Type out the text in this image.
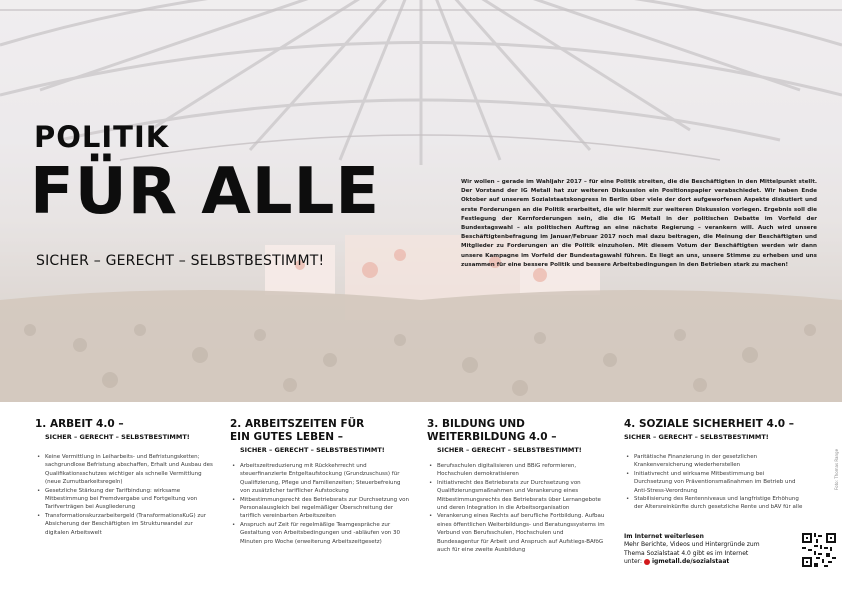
POLITIK
FÜR ALLE
SICHER – GERECHT – SELBSTBESTIMMT!
Wir wollen – gerade im Wahljahr 2017 – für eine Politik streiten, die die Beschäftigten in den Mittelpunkt stellt. Der Vorstand der IG Metall hat zur weiteren Diskussion ein Positionspapier verabschiedet. Wir haben Ende Oktober auf unserem Sozialstaatskongress in Berlin über viele der dort aufgeworfenen Aspekte diskutiert und erste Forderungen an die Politik erarbeitet, die wir hiermit zur weiteren Diskussion vorlegen. Ergebnis soll die Festlegung der Kernforderungen sein, die die IG Metall in der politischen Debatte im Vorfeld der Bundestagswahl – als politischen Auftrag an eine nächste Regierung – verankern will. Auch wird unsere Beschäftigtenbefragung im Januar/Februar 2017 noch mal dazu beitragen, die Meinung der Beschäftigten und Mitglieder zu Forderungen an die Politik einzuholen. Mit diesem Votum der Beschäftigten werden wir dann unsere Kampagne im Vorfeld der Bundestagswahl führen. Es liegt an uns, unsere Stimme zu erheben und uns zusammen für eine bessere Politik und bessere Arbeitsbedingungen in den Betrieben stark zu machen!
1. ARBEIT 4.0 –
SICHER – GERECHT – SELBSTBESTIMMT!
• Keine Vermittlung in Leiharbeits- und Befristungsketten; sachgrundlose Befristung abschaffen, Erhalt und Ausbau des Qualifikationsschutzes wichtiger als schnelle Vermittlung (neue Zumutbarkeitsregeln)
• Gesetzliche Stärkung der Tarifbindung: wirksame Mitbestimmung bei Fremdvergabe und Fortgeltung von Tarifverträgen bei Ausgliederung
• Transformationskurzarbeitergeld (TransformationsKuG) zur Absicherung der Beschäftigten im Strukturwandel zur digitalen Arbeitswelt
2. ARBEITSZEITEN FÜR EIN GUTES LEBEN –
SICHER – GERECHT – SELBSTBESTIMMT!
• Arbeitszeitreduzierung mit Rückkehrrecht und steuerfinanzierte Entgeltaufstockung (Grundzuschuss) für Qualifizierung, Pflege und Familienzeiten; Steuerbefreiung von zusätzlicher tariflicher Aufstockung
• Mitbestimmungsrecht des Betriebsrats zur Durchsetzung von Personalausgleich bei regelmäßiger Überschreitung der tariflich vereinbarten Arbeitszeiten
• Anspruch auf Zeit für regelmäßige Teamgespräche zur Gestaltung von Arbeitsbedingungen und -abläufen von 30 Minuten pro Woche (erweiterung Arbeitszeitgesetz)
3. BILDUNG UND WEITERBILDUNG 4.0 –
SICHER – GERECHT – SELBSTBESTIMMT!
• Berufsschulen digitalisieren und BBiG reformieren, Hochschulen demokratisieren
• Initiativrecht des Betriebsrats zur Durchsetzung von Qualifizierungsmaßnahmen und Verankerung eines Mitbestimmungsrechts des Betriebsrats über Lernangebote und deren Integration in die Arbeitsorganisation
• Verankerung eines Rechts auf berufliche Fortbildung. Aufbau eines öffentlichen Weiterbildungs- und Beratungssystems im Verbund von Berufsschulen, Hochschulen und Bundesagentur für Arbeit und Anspruch auf Aufstiegs-BAföG auch für eine zweite Ausbildung
4. SOZIALE SICHERHEIT 4.0 –
SICHER – GERECHT – SELBSTBESTIMMT!
• Paritätische Finanzierung in der gesetzlichen Krankenversicherung wiederherstellen
• Initiativrecht und wirksame Mitbestimmung bei Durchsetzung von Präventionsmaßnahmen im Betrieb und Anti-Stress-Verordnung
• Stabilisierung des Rentenniveaus und langfristige Erhöhung der Altersreinkünfte durch gesetzliche Rente und bAV für alle
Im Internet weiterlesen
Mehr Berichte, Videos und Hintergründe zum
Thema Sozialstaat 4.0 gibt es im Internet
unter: igmetall.de/sozialstaat
Foto: Thomas Range
